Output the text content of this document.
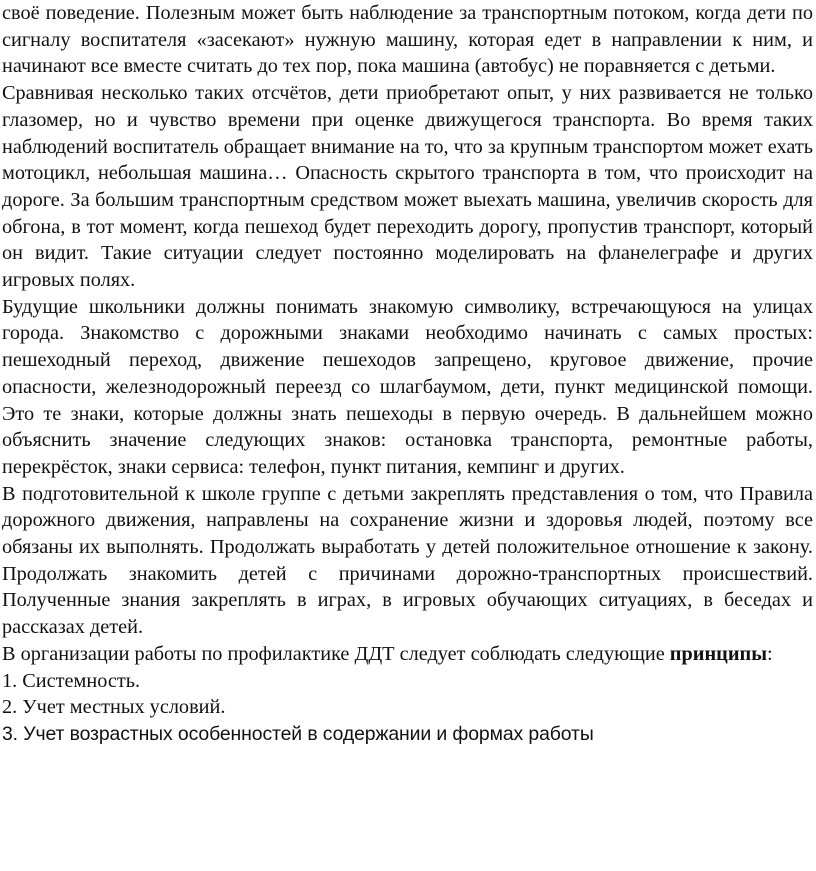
своё поведение. Полезным может быть наблюдение за транспортным потоком, когда дети по сигналу воспитателя «засекают» нужную машину, которая едет в направлении к ним, и начинают все вместе считать до тех пор, пока машина (автобус) не поравняется с детьми.

Сравнивая несколько таких отсчётов, дети приобретают опыт, у них развивается не только глазомер, но и чувство времени при оценке движущегося транспорта. Во время таких наблюдений воспитатель обращает внимание на то, что за крупным транспортом может ехать мотоцикл, небольшая машина… Опасность скрытого транспорта в том, что происходит на дороге. За большим транспортным средством может выехать машина, увеличив скорость для обгона, в тот момент, когда пешеход будет переходить дорогу, пропустив транспорт, который он видит. Такие ситуации следует постоянно моделировать на фланелеграфе и других игровых полях.

Будущие школьники должны понимать знакомую символику, встречающуюся на улицах города. Знакомство с дорожными знаками необходимо начинать с самых простых: пешеходный переход, движение пешеходов запрещено, круговое движение, прочие опасности, железнодорожный переезд со шлагбаумом, дети, пункт медицинской помощи. Это те знаки, которые должны знать пешеходы в первую очередь. В дальнейшем можно объяснить значение следующих знаков: остановка транспорта, ремонтные работы, перекрёсток, знаки сервиса: телефон, пункт питания, кемпинг и других.

В подготовительной к школе группе с детьми закреплять представления о том, что Правила дорожного движения, направлены на сохранение жизни и здоровья людей, поэтому все обязаны их выполнять. Продолжать выработать у детей положительное отношение к закону. Продолжать знакомить детей с причинами дорожно-транспортных происшествий. Полученные знания закреплять в играх, в игровых обучающих ситуациях, в беседах и рассказах детей.

В организации работы по профилактике ДДТ следует соблюдать следующие принципы:

1. Системность.
2. Учет местных условий.
3. Учет возрастных особенностей в содержании и формах работы
